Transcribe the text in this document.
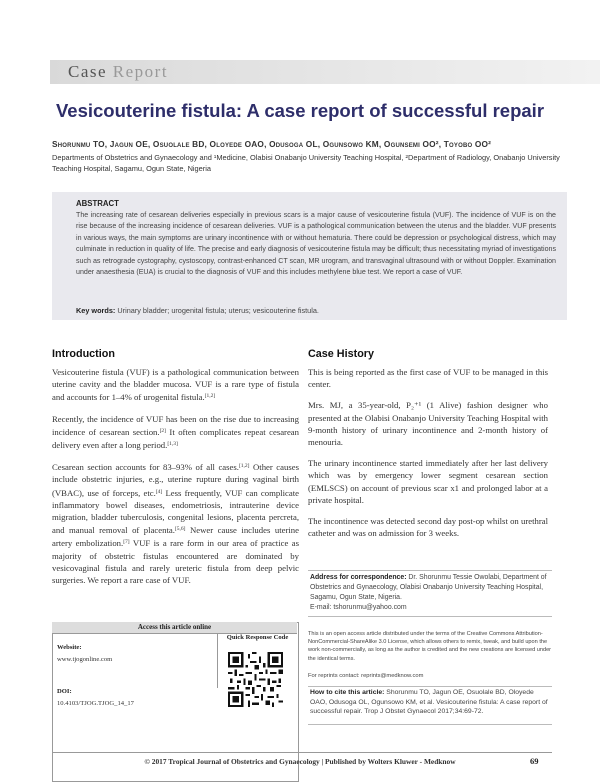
Case Report
Vesicouterine fistula: A case report of successful repair
Shorunmu TO, Jagun OE, Osuolale BD, Oloyede OAO, Odusoga OL, Ogunsowo KM, Ogunsemi OO², Toyobo OO²
Departments of Obstetrics and Gynaecology and ¹Medicine, Olabisi Onabanjo University Teaching Hospital, ²Department of Radiology, Onabanjo University Teaching Hospital, Sagamu, Ogun State, Nigeria
ABSTRACT
The increasing rate of cesarean deliveries especially in previous scars is a major cause of vesicouterine fistula (VUF). The incidence of VUF is on the rise because of the increasing incidence of cesarean deliveries. VUF is a pathological communication between the uterus and the bladder. VUF presents in various ways, the main symptoms are urinary incontinence with or without hematuria. There could be depression or psychological distress, which may culminate in reduction in quality of life. The precise and early diagnosis of vesicouterine fistula may be difficult; thus necessitating myriad of investigations such as retrograde cystography, cystoscopy, contrast-enhanced CT scan, MR urogram, and transvaginal ultrasound with or without Doppler. Examination under anaesthesia (EUA) is crucial to the diagnosis of VUF and this includes methylene blue test. We report a case of VUF.
Key words: Urinary bladder; urogenital fistula; uterus; vesicouterine fistula.
Introduction

Vesicouterine fistula (VUF) is a pathological communication between uterine cavity and the bladder mucosa. VUF is a rare type of fistula and accounts for 1–4% of urogenital fistula.[1,2]

Recently, the incidence of VUF has been on the rise due to increasing incidence of cesarean section.[2] It often complicates repeat cesarean delivery even after a long period.[1,3]

Cesarean section accounts for 83–93% of all cases.[1,2] Other causes include obstetric injuries, e.g., uterine rupture during vaginal birth (VBAC), use of forceps, etc.[4] Less frequently, VUF can complicate inflammatory bowel diseases, endometriosis, intrauterine device migration, bladder tuberculosis, congenital lesions, placenta percreta, and manual removal of placenta.[5,6] Newer cause includes uterine artery embolization.[7] VUF is a rare form in our area of practice as majority of obstetric fistulas encountered are dominated by vesicovaginal fistula and rarely ureteric fistula from deep pelvic surgeries. We report a rare case of VUF.

Case History

This is being reported as the first case of VUF to be managed in this center.

Mrs. MJ, a 35-year-old, P₂⁺¹ (1 Alive) fashion designer who presented at the Olabisi Onabanjo University Teaching Hospital with 9-month history of urinary incontinence and 2-month history of menouria.

The urinary incontinence started immediately after her last delivery which was by emergency lower segment cesarean section (EMLSCS) on account of previous scar x1 and prolonged labor at a private hospital.

The incontinence was detected second day post-op whilst on urethral catheter and was on admission for 3 weeks.

Access this article online
Quick Response Code
Website:
www.tjogonline.com
DOI:
10.4103/TJOG.TJOG_14_17
Address for correspondence: Dr. Shorunmu Tessie Owolabi, Department of Obstetrics and Gynaecology, Olabisi Onabanjo University Teaching Hospital, Sagamu, Ogun State, Nigeria.
E-mail: tshorunmu@yahoo.com
This is an open access article distributed under the terms of the Creative Commons Attribution-NonCommercial-ShareAlike 3.0 License, which allows others to remix, tweak, and build upon the work non-commercially, as long as the author is credited and the new creations are licensed under the identical terms.
For reprints contact: reprints@medknow.com
How to cite this article: Shorunmu TO, Jagun OE, Osuolale BD, Oloyede OAO, Odusoga OL, Ogunsowo KM, et al. Vesicouterine fistula: A case report of successful repair. Trop J Obstet Gynaecol 2017;34:69-72.
© 2017 Tropical Journal of Obstetrics and Gynaecology | Published by Wolters Kluwer - Medknow	69
